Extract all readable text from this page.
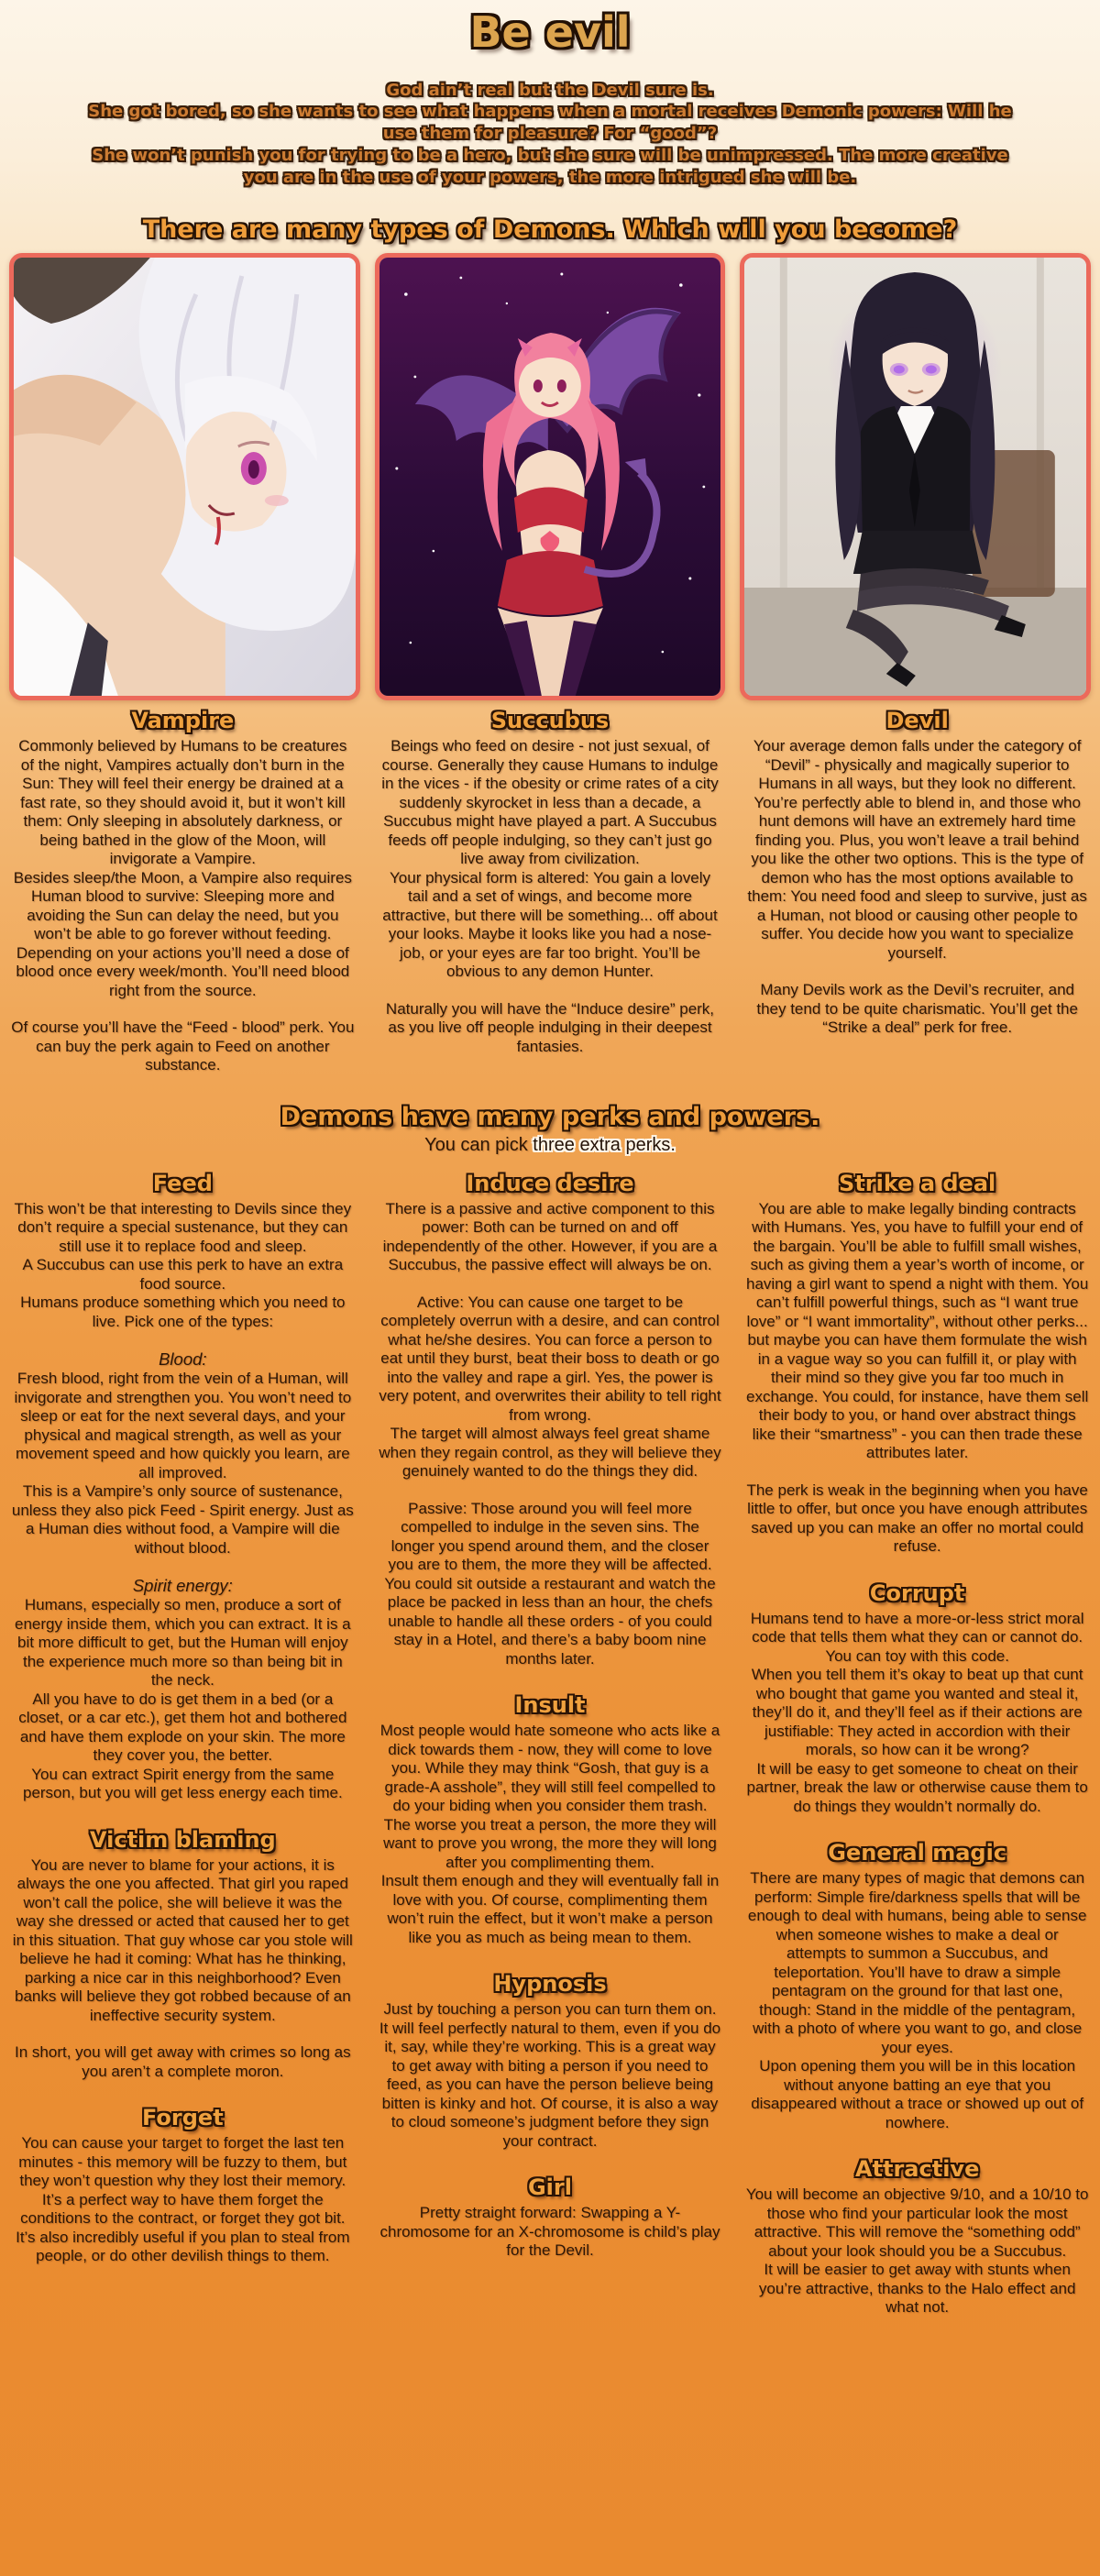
Be evil

God ain’t real but the Devil sure is.

She got bored, so she wants to see what happens when a mortal receives Demonic powers: Will he use them for pleasure? For “good”?

She won’t punish you for trying to be a hero, but she sure will be unimpressed. The more creative you are in the use of your powers, the more intrigued she will be.

There are many types of Demons. Which will you become?
Vampire

Commonly believed by Humans to be creatures of the night, Vampires actually don’t burn in the Sun: They will feel their energy be drained at a fast rate, so they should avoid it, but it won’t kill them: Only sleeping in absolutely darkness, or being bathed in the glow of the Moon, will invigorate a Vampire.

Besides sleep/the Moon, a Vampire also requires Human blood to survive: Sleeping more and avoiding the Sun can delay the need, but you won’t be able to go forever without feeding.

Depending on your actions you’ll need a dose of blood once every week/month. You’ll need blood right from the source.

Of course you’ll have the “Feed - blood” perk. You can buy the perk again to Feed on another substance.

Succubus

Beings who feed on desire - not just sexual, of course. Generally they cause Humans to indulge in the vices - if the obesity or crime rates of a city suddenly skyrocket in less than a decade, a Succubus might have played a part. A Succubus feeds off people indulging, so they can’t just go live away from civilization.

Your physical form is altered: You gain a lovely tail and a set of wings, and become more attractive, but there will be something... off about your looks. Maybe it looks like you had a nose-job, or your eyes are far too bright. You’ll be obvious to any demon Hunter.

Naturally you will have the “Induce desire” perk, as you live off people indulging in their deepest fantasies.

Devil

Your average demon falls under the category of “Devil” - physically and magically superior to Humans in all ways, but they look no different. You’re perfectly able to blend in, and those who hunt demons will have an extremely hard time finding you. Plus, you won’t leave a trail behind you like the other two options. This is the type of demon who has the most options available to them: You need food and sleep to survive, just as a Human, not blood or causing other people to suffer. You decide how you want to specialize yourself.

Many Devils work as the Devil’s recruiter, and they tend to be quite charismatic. You’ll get the “Strike a deal” perk for free.

Demons have many perks and powers.

You can pick three extra perks.

Feed

This won’t be that interesting to Devils since they don’t require a special sustenance, but they can still use it to replace food and sleep.

A Succubus can use this perk to have an extra food source.

Humans produce something which you need to live. Pick one of the types:

Blood:

Fresh blood, right from the vein of a Human, will invigorate and strengthen you. You won’t need to sleep or eat for the next several days, and your physical and magical strength, as well as your movement speed and how quickly you learn, are all improved.

This is a Vampire’s only source of sustenance, unless they also pick Feed - Spirit energy. Just as a Human dies without food, a Vampire will die without blood.

Spirit energy:

Humans, especially so men, produce a sort of energy inside them, which you can extract. It is a bit more difficult to get, but the Human will enjoy the experience much more so than being bit in the neck.

All you have to do is get them in a bed (or a closet, or a car etc.), get them hot and bothered and have them explode on your skin. The more they cover you, the better.

You can extract Spirit energy from the same person, but you will get less energy each time.

Victim blaming

You are never to blame for your actions, it is always the one you affected. That girl you raped won’t call the police, she will believe it was the way she dressed or acted that caused her to get in this situation. That guy whose car you stole will believe he had it coming: What has he thinking, parking a nice car in this neighborhood? Even banks will believe they got robbed because of an ineffective security system.

In short, you will get away with crimes so long as you aren’t a complete moron.

Forget

You can cause your target to forget the last ten minutes - this memory will be fuzzy to them, but they won’t question why they lost their memory.

It’s a perfect way to have them forget the conditions to the contract, or forget they got bit. It’s also incredibly useful if you plan to steal from people, or do other devilish things to them.

Induce desire

There is a passive and active component to this power: Both can be turned on and off independently of the other. However, if you are a Succubus, the passive effect will always be on.

Active: You can cause one target to be completely overrun with a desire, and can control what he/she desires. You can force a person to eat until they burst, beat their boss to death or go into the valley and rape a girl. Yes, the power is very potent, and overwrites their ability to tell right from wrong.

The target will almost always feel great shame when they regain control, as they will believe they genuinely wanted to do the things they did.

Passive: Those around you will feel more compelled to indulge in the seven sins. The longer you spend around them, and the closer you are to them, the more they will be affected. You could sit outside a restaurant and watch the place be packed in less than an hour, the chefs unable to handle all these orders - of you could stay in a Hotel, and there’s a baby boom nine months later.

Insult

Most people would hate someone who acts like a dick towards them - now, they will come to love you. While they may think “Gosh, that guy is a grade-A asshole”, they will still feel compelled to do your biding when you consider them trash. The worse you treat a person, the more they will want to prove you wrong, the more they will long after you complimenting them.

Insult them enough and they will eventually fall in love with you. Of course, complimenting them won’t ruin the effect, but it won’t make a person like you as much as being mean to them.

Hypnosis

Just by touching a person you can turn them on. It will feel perfectly natural to them, even if you do it, say, while they’re working. This is a great way to get away with biting a person if you need to feed, as you can have the person believe being bitten is kinky and hot. Of course, it is also a way to cloud someone’s judgment before they sign your contract.

Girl

Pretty straight forward: Swapping a Y-chromosome for an X-chromosome is child’s play for the Devil.

Strike a deal

You are able to make legally binding contracts with Humans. Yes, you have to fulfill your end of the bargain. You’ll be able to fulfill small wishes, such as giving them a year’s worth of income, or having a girl want to spend a night with them. You can’t fulfill powerful things, such as “I want true love” or “I want immortality”, without other perks... but maybe you can have them formulate the wish in a vague way so you can fulfill it, or play with their mind so they give you far too much in exchange. You could, for instance, have them sell their body to you, or hand over abstract things like their “smartness” - you can then trade these attributes later.

The perk is weak in the beginning when you have little to offer, but once you have enough attributes saved up you can make an offer no mortal could refuse.

Corrupt

Humans tend to have a more-or-less strict moral code that tells them what they can or cannot do.

You can toy with this code.

When you tell them it’s okay to beat up that cunt who bought that game you wanted and steal it, they’ll do it, and they’ll feel as if their actions are justifiable: They acted in accordion with their morals, so how can it be wrong?

It will be easy to get someone to cheat on their partner, break the law or otherwise cause them to do things they wouldn’t normally do.

General magic

There are many types of magic that demons can perform: Simple fire/darkness spells that will be enough to deal with humans, being able to sense when someone wishes to make a deal or attempts to summon a Succubus, and teleportation. You’ll have to draw a simple pentagram on the ground for that last one, though: Stand in the middle of the pentagram, with a photo of where you want to go, and close your eyes.

Upon opening them you will be in this location without anyone batting an eye that you disappeared without a trace or showed up out of nowhere.

Attractive

You will become an objective 9/10, and a 10/10 to those who find your particular look the most attractive. This will remove the “something odd” about your look should you be a Succubus.

It will be easier to get away with stunts when you’re attractive, thanks to the Halo effect and what not.
